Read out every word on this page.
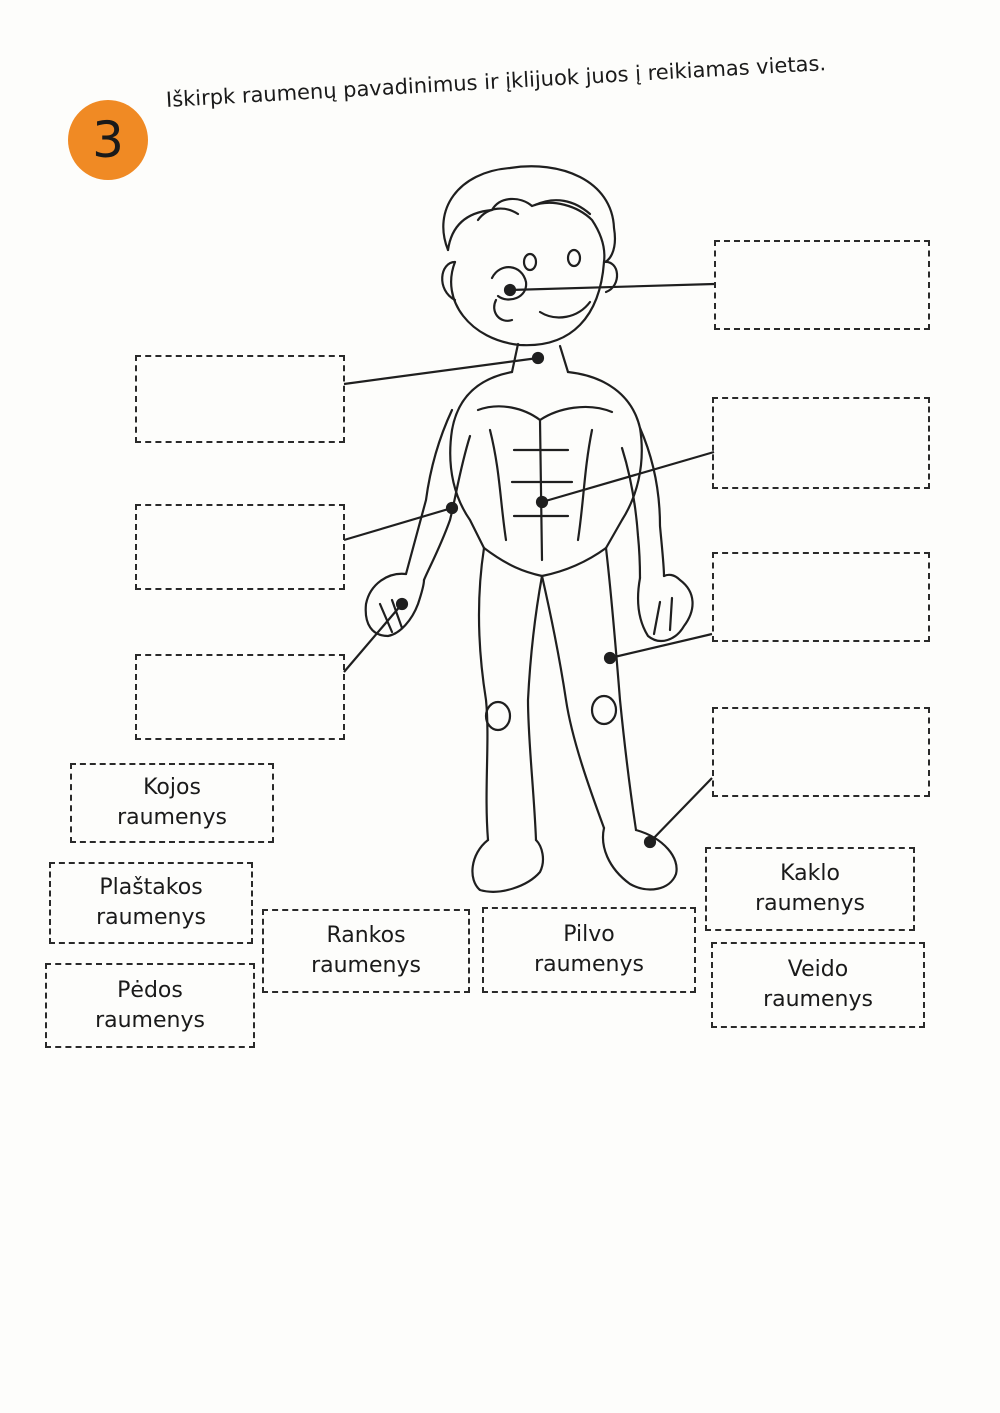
3
Iškirpk raumenų pavadinimus ir įklijuok juos į reikiamas vietas.
Kojos
raumenys
Plaštakos
raumenys
Pėdos
raumenys
Rankos
raumenys
Pilvo
raumenys
Kaklo
raumenys
Veido
raumenys
